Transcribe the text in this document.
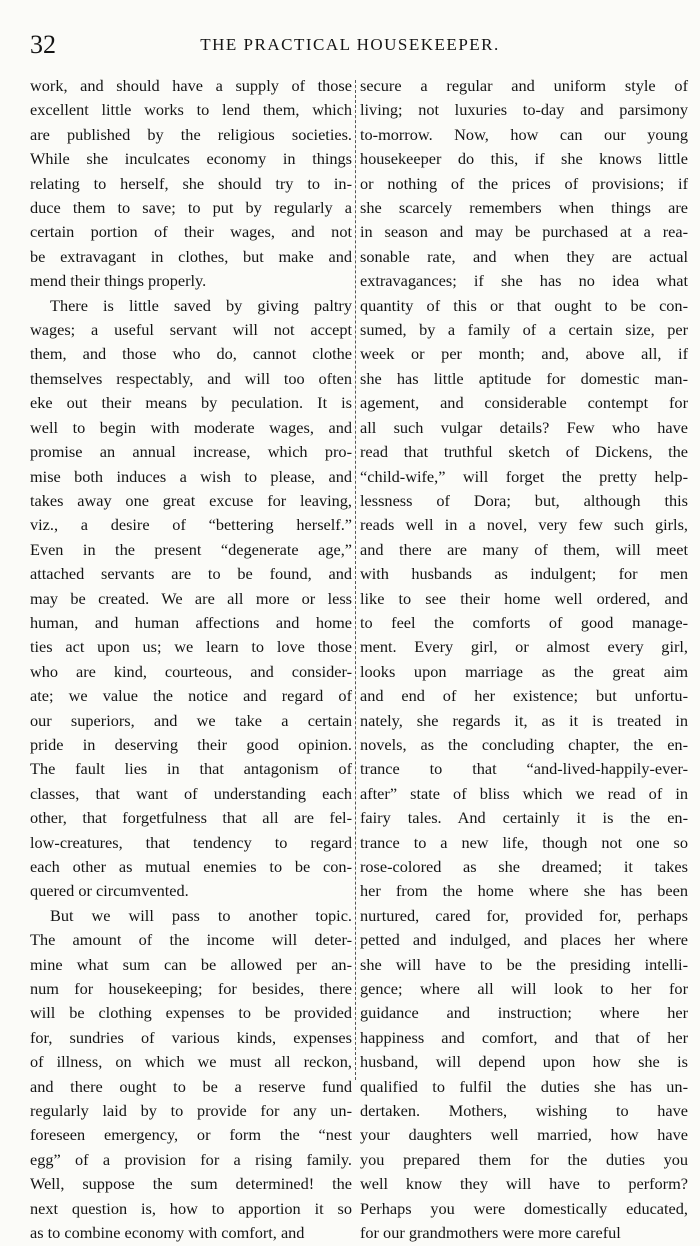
32	THE PRACTICAL HOUSEKEEPER.
work, and should have a supply of those
excellent little works to lend them, which
are published by the religious societies.
While she inculcates economy in things
relating to herself, she should try to in-
duce them to save; to put by regularly a
certain portion of their wages, and not
be extravagant in clothes, but make and
mend their things properly.
There is little saved by giving paltry
wages; a useful servant will not accept
them, and those who do, cannot clothe
themselves respectably, and will too often
eke out their means by peculation. It is
well to begin with moderate wages, and
promise an annual increase, which pro-
mise both induces a wish to please, and
takes away one great excuse for leaving,
viz., a desire of “bettering herself.”
Even in the present “degenerate age,”
attached servants are to be found, and
may be created. We are all more or less
human, and human affections and home
ties act upon us; we learn to love those
who are kind, courteous, and consider-
ate; we value the notice and regard of
our superiors, and we take a certain
pride in deserving their good opinion.
The fault lies in that antagonism of
classes, that want of understanding each
other, that forgetfulness that all are fel-
low-creatures, that tendency to regard
each other as mutual enemies to be con-
quered or circumvented.
But we will pass to another topic.
The amount of the income will deter-
mine what sum can be allowed per an-
num for housekeeping; for besides, there
will be clothing expenses to be provided
for, sundries of various kinds, expenses
of illness, on which we must all reckon,
and there ought to be a reserve fund
regularly laid by to provide for any un-
foreseen emergency, or form the “nest
egg” of a provision for a rising family.
Well, suppose the sum determined! the
next question is, how to apportion it so
as to combine economy with comfort, and
secure a regular and uniform style of
living; not luxuries to-day and parsimony
to-morrow. Now, how can our young
housekeeper do this, if she knows little
or nothing of the prices of provisions; if
she scarcely remembers when things are
in season and may be purchased at a rea-
sonable rate, and when they are actual
extravagances; if she has no idea what
quantity of this or that ought to be con-
sumed, by a family of a certain size, per
week or per month; and, above all, if
she has little aptitude for domestic man-
agement, and considerable contempt for
all such vulgar details? Few who have
read that truthful sketch of Dickens, the
“child-wife,” will forget the pretty help-
lessness of Dora; but, although this
reads well in a novel, very few such girls,
and there are many of them, will meet
with husbands as indulgent; for men
like to see their home well ordered, and
to feel the comforts of good manage-
ment. Every girl, or almost every girl,
looks upon marriage as the great aim
and end of her existence; but unfortu-
nately, she regards it, as it is treated in
novels, as the concluding chapter, the en-
trance to that “and-lived-happily-ever-
after” state of bliss which we read of in
fairy tales. And certainly it is the en-
trance to a new life, though not one so
rose-colored as she dreamed; it takes
her from the home where she has been
nurtured, cared for, provided for, perhaps
petted and indulged, and places her where
she will have to be the presiding intelli-
gence; where all will look to her for
guidance and instruction; where her
happiness and comfort, and that of her
husband, will depend upon how she is
qualified to fulfil the duties she has un-
dertaken. Mothers, wishing to have
your daughters well married, how have
you prepared them for the duties you
well know they will have to perform?
Perhaps you were domestically educated,
for our grandmothers were more careful
